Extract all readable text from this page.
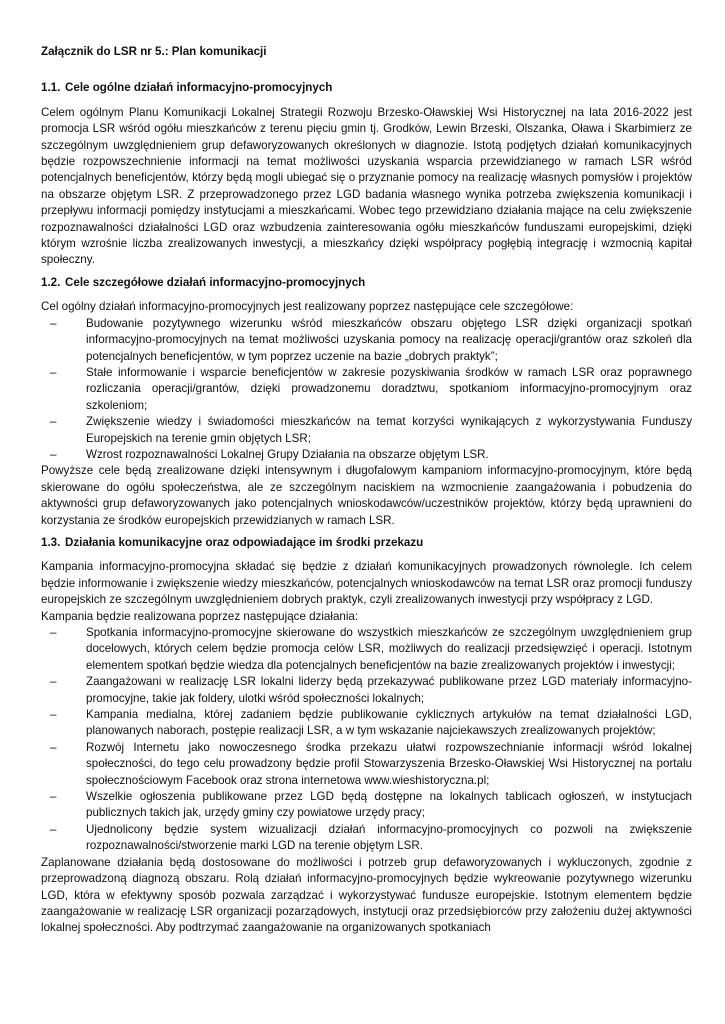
Załącznik do LSR nr 5.: Plan komunikacji
1.1. Cele ogólne działań informacyjno-promocyjnych

Celem ogólnym Planu Komunikacji Lokalnej Strategii Rozwoju Brzesko-Oławskiej Wsi Historycznej na lata 2016-2022 jest promocja LSR wśród ogółu mieszkańców z terenu pięciu gmin tj. Grodków, Lewin Brzeski, Olszanka, Oława i Skarbimierz ze szczególnym uwzględnieniem grup defaworyzowanych określonych w diagnozie. Istotą podjętych działań komunikacyjnych będzie rozpowszechnienie informacji na temat możliwości uzyskania wsparcia przewidzianego w ramach LSR wśród potencjalnych beneficjentów, którzy będą mogli ubiegać się o przyznanie pomocy na realizację własnych pomysłów i projektów na obszarze objętym LSR. Z przeprowadzonego przez LGD badania własnego wynika potrzeba zwiększenia komunikacji i przepływu informacji pomiędzy instytucjami a mieszkańcami. Wobec tego przewidziano działania mające na celu zwiększenie rozpoznawalności działalności LGD oraz wzbudzenia zainteresowania ogółu mieszkańców funduszami europejskimi, dzięki którym wzrośnie liczba zrealizowanych inwestycji, a mieszkańcy dzięki współpracy pogłębią integrację i wzmocnią kapitał społeczny.

1.2. Cele szczegółowe działań informacyjno-promocyjnych

Cel ogólny działań informacyjno-promocyjnych jest realizowany poprzez następujące cele szczegółowe:

– Budowanie pozytywnego wizerunku wśród mieszkańców obszaru objętego LSR dzięki organizacji spotkań informacyjno-promocyjnych na temat możliwości uzyskania pomocy na realizację operacji/grantów oraz szkoleń dla potencjalnych beneficjentów, w tym poprzez uczenie na bazie „dobrych praktyk”;
– Stałe informowanie i wsparcie beneficjentów w zakresie pozyskiwania środków w ramach LSR oraz poprawnego rozliczania operacji/grantów, dzięki prowadzonemu doradztwu, spotkaniom informacyjno-promocyjnym oraz szkoleniom;
– Zwiększenie wiedzy i świadomości mieszkańców na temat korzyści wynikających z wykorzystywania Funduszy Europejskich na terenie gmin objętych LSR;
– Wzrost rozpoznawalności Lokalnej Grupy Działania na obszarze objętym LSR.

Powyższe cele będą zrealizowane dzięki intensywnym i długofalowym kampaniom informacyjno-promocyjnym, które będą skierowane do ogółu społeczeństwa, ale ze szczególnym naciskiem na wzmocnienie zaangażowania i pobudzenia do aktywności grup defaworyzowanych jako potencjalnych wnioskodawców/uczestników projektów, którzy będą uprawnieni do korzystania ze środków europejskich przewidzianych w ramach LSR.

1.3. Działania komunikacyjne oraz odpowiadające im środki przekazu

Kampania informacyjno-promocyjna składać się będzie z działań komunikacyjnych prowadzonych równolegle. Ich celem będzie informowanie i zwiększenie wiedzy mieszkańców, potencjalnych wnioskodawców na temat LSR oraz promocji funduszy europejskich ze szczególnym uwzględnieniem dobrych praktyk, czyli zrealizowanych inwestycji przy współpracy z LGD.

Kampania będzie realizowana poprzez następujące działania:

– Spotkania informacyjno-promocyjne skierowane do wszystkich mieszkańców ze szczególnym uwzględnieniem grup docelowych, których celem będzie promocja celów LSR, możliwych do realizacji przedsięwzięć i operacji. Istotnym elementem spotkań będzie wiedza dla potencjalnych beneficjentów na bazie zrealizowanych projektów i inwestycji;
– Zaangażowani w realizację LSR lokalni liderzy będą przekazywać publikowane przez LGD materiały informacyjno-promocyjne, takie jak foldery, ulotki wśród społeczności lokalnych;
– Kampania medialna, której zadaniem będzie publikowanie cyklicznych artykułów na temat działalności LGD, planowanych naborach, postępie realizacji LSR, a w tym wskazanie najciekawszych zrealizowanych projektów;
– Rozwój Internetu jako nowoczesnego środka przekazu ułatwi rozpowszechnianie informacji wśród lokalnej społeczności, do tego celu prowadzony będzie profil Stowarzyszenia Brzesko-Oławskiej Wsi Historycznej na portalu społecznościowym Facebook oraz strona internetowa www.wieshistoryczna.pl;
– Wszelkie ogłoszenia publikowane przez LGD będą dostępne na lokalnych tablicach ogłoszeń, w instytucjach publicznych takich jak, urzędy gminy czy powiatowe urzędy pracy;
– Ujednolicony będzie system wizualizacji działań informacyjno-promocyjnych co pozwoli na zwiększenie rozpoznawalności/stworzenie marki LGD na terenie objętym LSR.

Zaplanowane działania będą dostosowane do możliwości i potrzeb grup defaworyzowanych i wykluczonych, zgodnie z przeprowadzoną diagnozą obszaru. Rolą działań informacyjno-promocyjnych będzie wykreowanie pozytywnego wizerunku LGD, która w efektywny sposób pozwala zarządzać i wykorzystywać fundusze europejskie. Istotnym elementem będzie zaangażowanie w realizację LSR organizacji pozarządowych, instytucji oraz przedsiębiorców przy założeniu dużej aktywności lokalnej społeczności. Aby podtrzymać zaangażowanie na organizowanych spotkaniach
